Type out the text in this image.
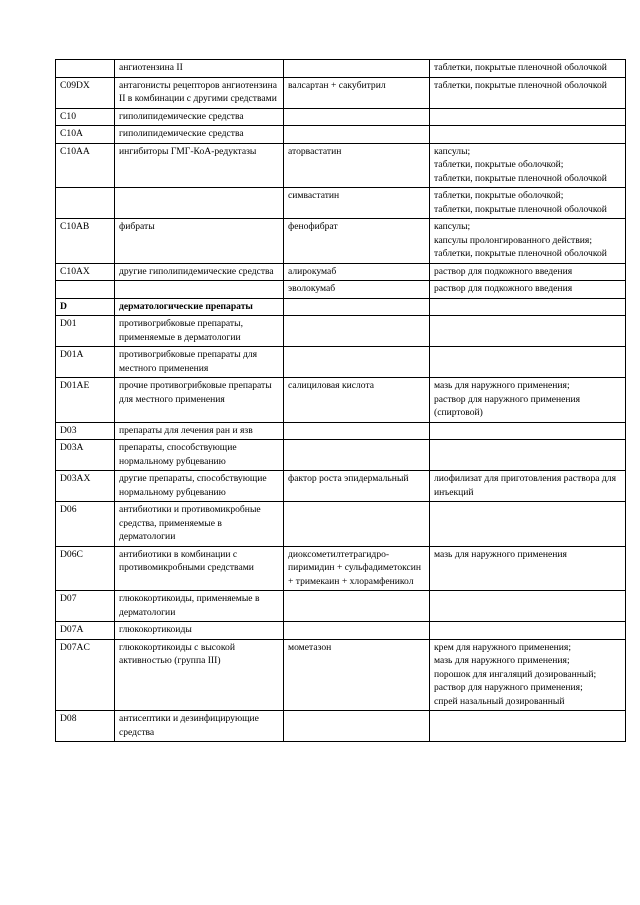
	ангиотензина II		таблетки, покрытые пленочной оболочкой
C09DX	антагонисты рецепторов ангиотензина II в комбинации с другими средствами	валсартан + сакубитрил	таблетки, покрытые пленочной оболочкой
C10	гиполипидемические средства		
C10A	гиполипидемические средства		
C10AA	ингибиторы ГМГ-КоА-редуктазы	аторвастатин	капсулы;
таблетки, покрытые оболочкой;
таблетки, покрытые пленочной оболочкой
		симвастатин	таблетки, покрытые оболочкой;
таблетки, покрытые пленочной оболочкой
C10AB	фибраты	фенофибрат	капсулы;
капсулы пролонгированного действия;
таблетки, покрытые пленочной оболочкой
C10AX	другие гиполипидемические средства	алирокумаб	раствор для подкожного введения
		эволокумаб	раствор для подкожного введения
D	дерматологические препараты		
D01	противогрибковые препараты, применяемые в дерматологии		
D01A	противогрибковые препараты для местного применения		
D01AE	прочие противогрибковые препараты для местного применения	салициловая кислота	мазь для наружного применения;
раствор для наружного применения (спиртовой)
D03	препараты для лечения ран и язв		
D03A	препараты, способствующие нормальному рубцеванию		
D03AX	другие препараты, способствующие нормальному рубцеванию	фактор роста эпидермальный	лиофилизат для приготовления раствора для инъекций
D06	антибиотики и противомикробные средства, применяемые в дерматологии		
D06C	антибиотики в комбинации с противомикробными средствами	диоксометилтетрагидро-пиримидин + сульфадиметоксин + тримекаин + хлорамфеникол	мазь для наружного применения
D07	глюкокортикоиды, применяемые в дерматологии		
D07A	глюкокортикоиды		
D07AC	глюкокортикоиды с высокой активностью (группа III)	мометазон	крем для наружного применения;
мазь для наружного применения;
порошок для ингаляций дозированный;
раствор для наружного применения;
спрей назальный дозированный
D08	антисептики и дезинфицирующие средства		
